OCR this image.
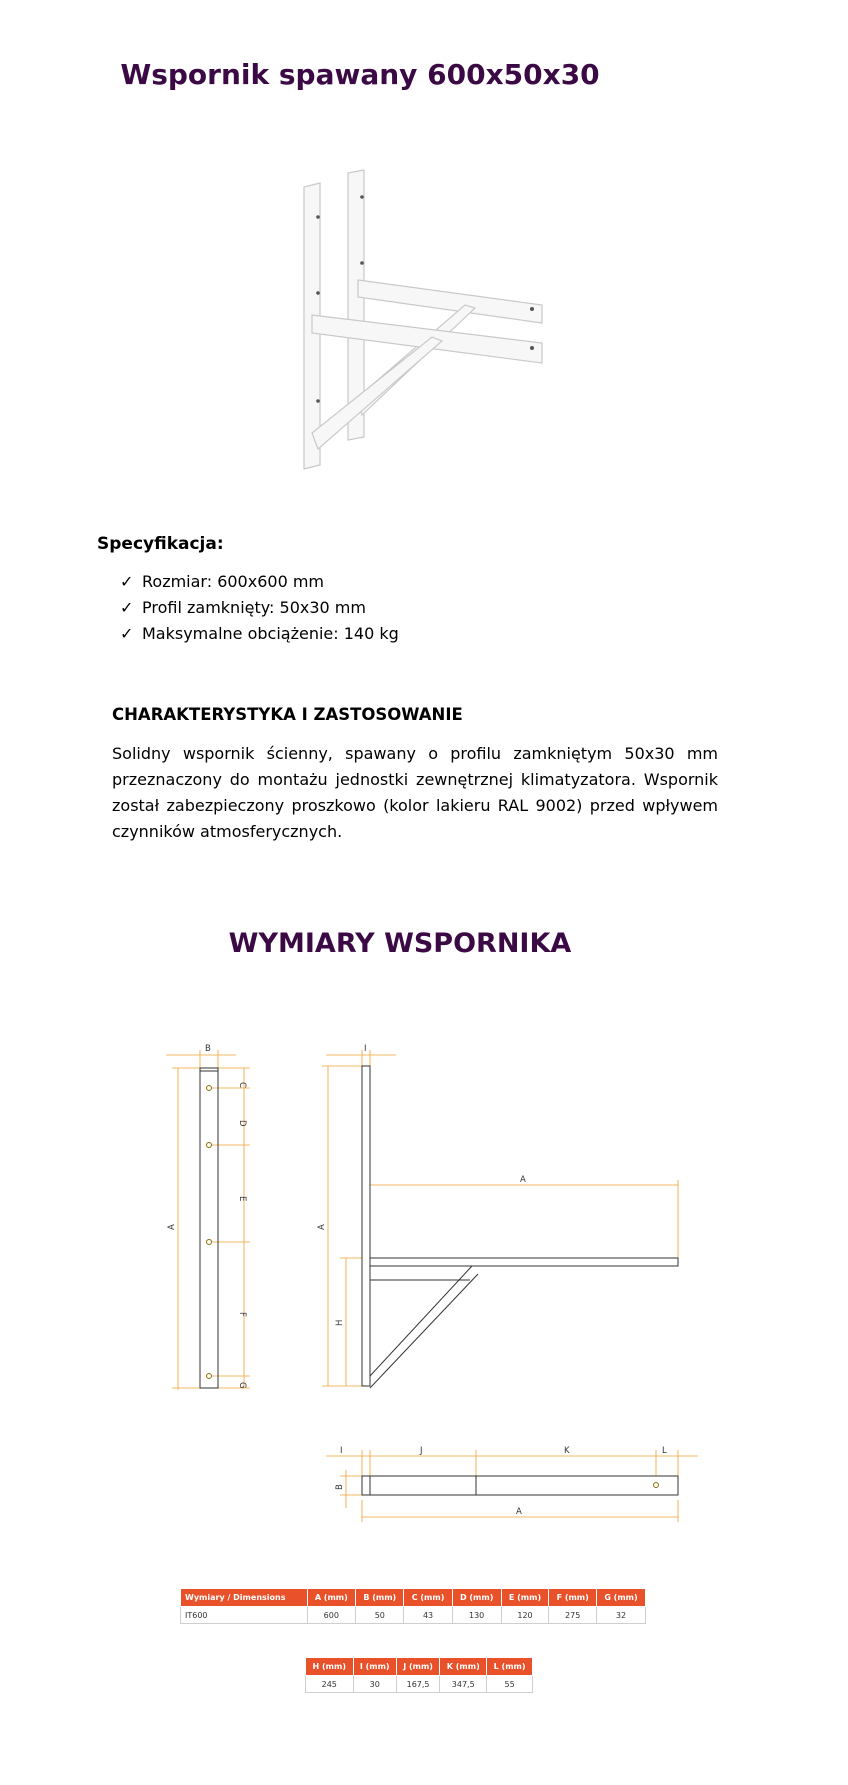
Wspornik spawany 600x50x30
Specyfikacja:
✓ Rozmiar: 600x600 mm
✓ Profil zamknięty: 50x30 mm
✓ Maksymalne obciążenie: 140 kg
CHARAKTERYSTYKA I ZASTOSOWANIE

Solidny wspornik ścienny, spawany o profilu zamkniętym 50x30 mm przeznaczony do montażu jednostki zewnętrznej klimatyzatora. Wspornik został zabezpieczony proszkowo (kolor lakieru RAL 9002) przed wpływem czynników atmosferycznych.

WYMIARY WSPORNIKA
B
C
D
E
F
G
A
I
A
A
H
I	J	K	L
B
A
Wymiary / Dimensions	A (mm)	B (mm)	C (mm)	D (mm)	E (mm)	F (mm)	G (mm)
IT600	600	50	43	130	120	275	32
H (mm)	I (mm)	J (mm)	K (mm)	L (mm)
245	30	167,5	347,5	55
